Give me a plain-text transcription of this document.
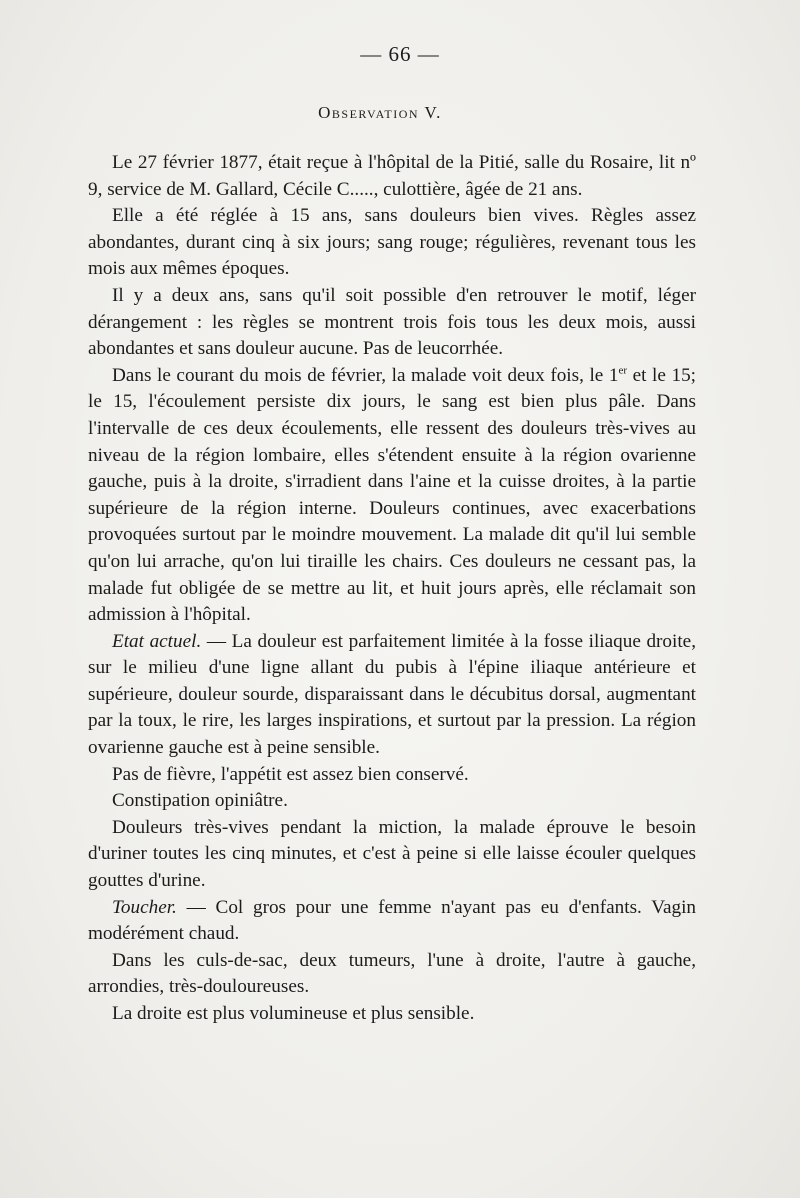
— 66 —
Observation V.

Le 27 février 1877, était reçue à l'hôpital de la Pitié, salle du Rosaire, lit nº 9, service de M. Gallard, Cécile C....., culottière, âgée de 21 ans.

Elle a été réglée à 15 ans, sans douleurs bien vives. Règles assez abondantes, durant cinq à six jours; sang rouge; régulières, revenant tous les mois aux mêmes époques.

Il y a deux ans, sans qu'il soit possible d'en retrouver le motif, léger dérangement : les règles se montrent trois fois tous les deux mois, aussi abondantes et sans douleur aucune. Pas de leucorrhée.

Dans le courant du mois de février, la malade voit deux fois, le 1er et le 15; le 15, l'écoulement persiste dix jours, le sang est bien plus pâle. Dans l'intervalle de ces deux écoulements, elle ressent des douleurs très-vives au niveau de la région lombaire, elles s'étendent ensuite à la région ovarienne gauche, puis à la droite, s'irradient dans l'aine et la cuisse droites, à la partie supérieure de la région interne. Douleurs continues, avec exacerbations provoquées surtout par le moindre mouvement. La malade dit qu'il lui semble qu'on lui arrache, qu'on lui tiraille les chairs. Ces douleurs ne cessant pas, la malade fut obligée de se mettre au lit, et huit jours après, elle réclamait son admission à l'hôpital.

Etat actuel. — La douleur est parfaitement limitée à la fosse iliaque droite, sur le milieu d'une ligne allant du pubis à l'épine iliaque antérieure et supérieure, douleur sourde, disparaissant dans le décubitus dorsal, augmentant par la toux, le rire, les larges inspirations, et surtout par la pression. La région ovarienne gauche est à peine sensible.

Pas de fièvre, l'appétit est assez bien conservé.

Constipation opiniâtre.

Douleurs très-vives pendant la miction, la malade éprouve le besoin d'uriner toutes les cinq minutes, et c'est à peine si elle laisse écouler quelques gouttes d'urine.

Toucher. — Col gros pour une femme n'ayant pas eu d'enfants. Vagin modérément chaud.

Dans les culs-de-sac, deux tumeurs, l'une à droite, l'autre à gauche, arrondies, très-douloureuses.

La droite est plus volumineuse et plus sensible.
